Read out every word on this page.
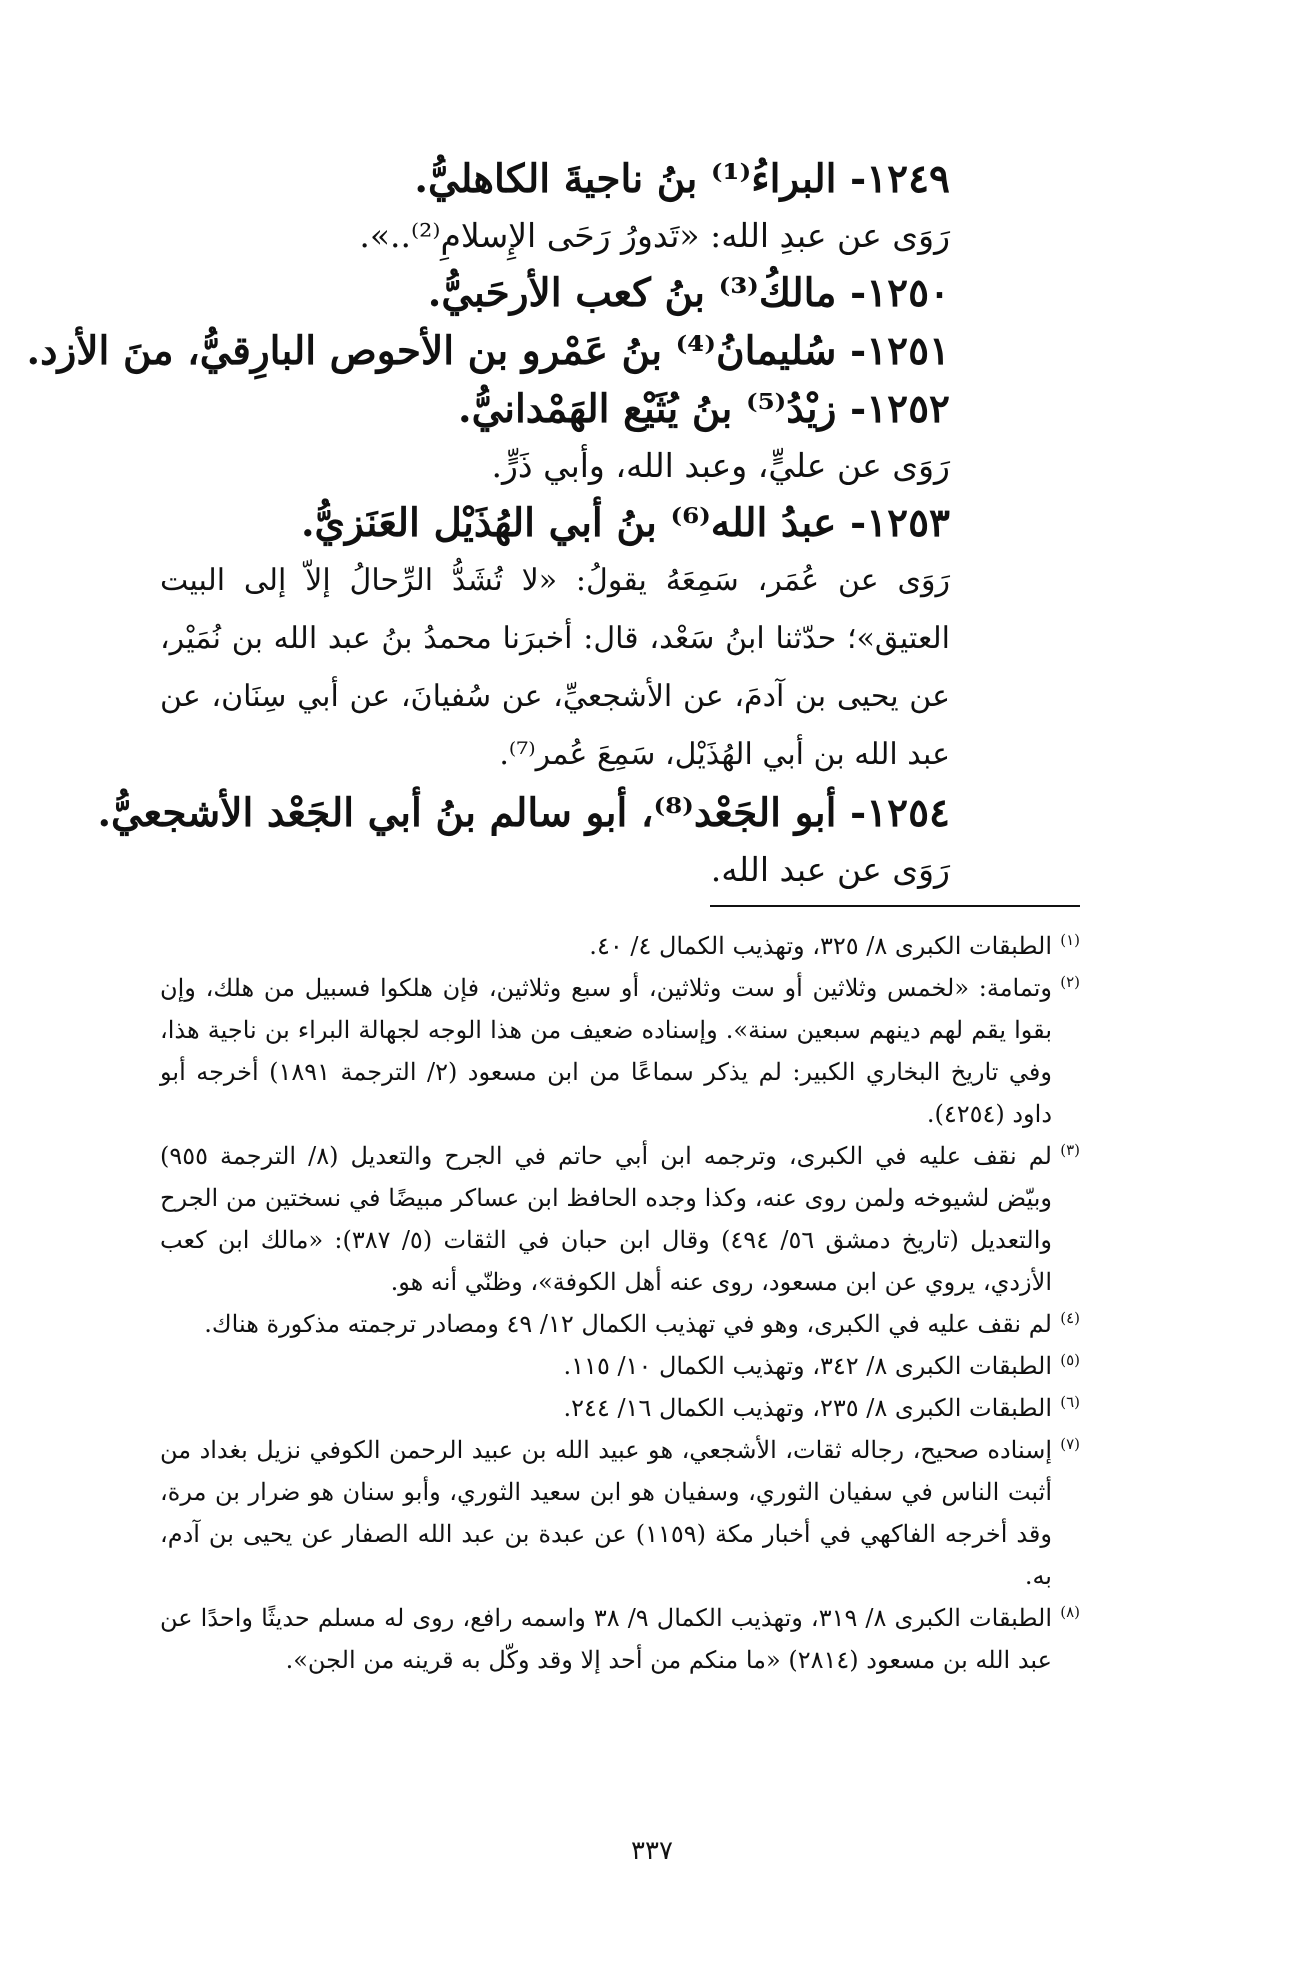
١٢٤٩- البراءُ⁽¹⁾ بنُ ناجيةَ الكاهليُّ.
رَوَى عن عبدِ الله: «تَدورُ رَحَى الإِسلامِ⁽²⁾..».
١٢٥٠- مالكُ⁽³⁾ بنُ كعب الأرحَبيُّ.
١٢٥١- سُليمانُ⁽⁴⁾ بنُ عَمْرو بن الأحوص البارِقيُّ، منَ الأزد.
١٢٥٢- زيْدُ⁽⁵⁾ بنُ يُثَيْع الهَمْدانيُّ.
رَوَى عن عليٍّ، وعبد الله، وأبي ذَرٍّ.
١٢٥٣- عبدُ الله⁽⁶⁾ بنُ أبي الهُذَيْل العَنَزيُّ.
رَوَى عن عُمَر، سَمِعَهُ يقولُ: «لا تُشَدُّ الرِّحالُ إلاّ إلى البيت العتيق»؛ حدّثنا ابنُ سَعْد، قال: أخبرَنا محمدُ بنُ عبد الله بن نُمَيْر، عن يحيى بن آدمَ، عن الأشجعيِّ، عن سُفيانَ، عن أبي سِنَان، عن عبد الله بن أبي الهُذَيْل، سَمِعَ عُمر⁽⁷⁾.
١٢٥٤- أبو الجَعْد⁽⁸⁾، أبو سالم بنُ أبي الجَعْد الأشجعيُّ.
رَوَى عن عبد الله.

(١)
الطبقات الكبرى ٨/ ٣٢٥، وتهذيب الكمال ٤/ ٤٠.

(٢)
وتمامة: «لخمس وثلاثين أو ست وثلاثين، أو سبع وثلاثين، فإن هلكوا فسبيل من هلك، وإن بقوا يقم لهم دينهم سبعين سنة». وإسناده ضعيف من هذا الوجه لجهالة البراء بن ناجية هذا، وفي تاريخ البخاري الكبير: لم يذكر سماعًا من ابن مسعود (٢/ الترجمة ١٨٩١) أخرجه أبو داود (٤٢٥٤).

(٣)
لم نقف عليه في الكبرى، وترجمه ابن أبي حاتم في الجرح والتعديل (٨/ الترجمة ٩٥٥) وبيّض لشيوخه ولمن روى عنه، وكذا وجده الحافظ ابن عساكر مبيضًا في نسختين من الجرح والتعديل (تاريخ دمشق ٥٦/ ٤٩٤) وقال ابن حبان في الثقات (٥/ ٣٨٧): «مالك ابن كعب الأزدي، يروي عن ابن مسعود، روى عنه أهل الكوفة»، وظنّي أنه هو.

(٤)
لم نقف عليه في الكبرى، وهو في تهذيب الكمال ١٢/ ٤٩ ومصادر ترجمته مذكورة هناك.

(٥)
الطبقات الكبرى ٨/ ٣٤٢، وتهذيب الكمال ١٠/ ١١٥.

(٦)
الطبقات الكبرى ٨/ ٢٣٥، وتهذيب الكمال ١٦/ ٢٤٤.

(٧)
إسناده صحيح، رجاله ثقات، الأشجعي، هو عبيد الله بن عبيد الرحمن الكوفي نزيل بغداد من أثبت الناس في سفيان الثوري، وسفيان هو ابن سعيد الثوري، وأبو سنان هو ضرار بن مرة، وقد أخرجه الفاكهي في أخبار مكة (١١٥٩) عن عبدة بن عبد الله الصفار عن يحيى بن آدم، به.

(٨)
الطبقات الكبرى ٨/ ٣١٩، وتهذيب الكمال ٩/ ٣٨ واسمه رافع، روى له مسلم حديثًا واحدًا عن عبد الله بن مسعود (٢٨١٤) «ما منكم من أحد إلا وقد وكّل به قرينه من الجن».

٣٣٧
